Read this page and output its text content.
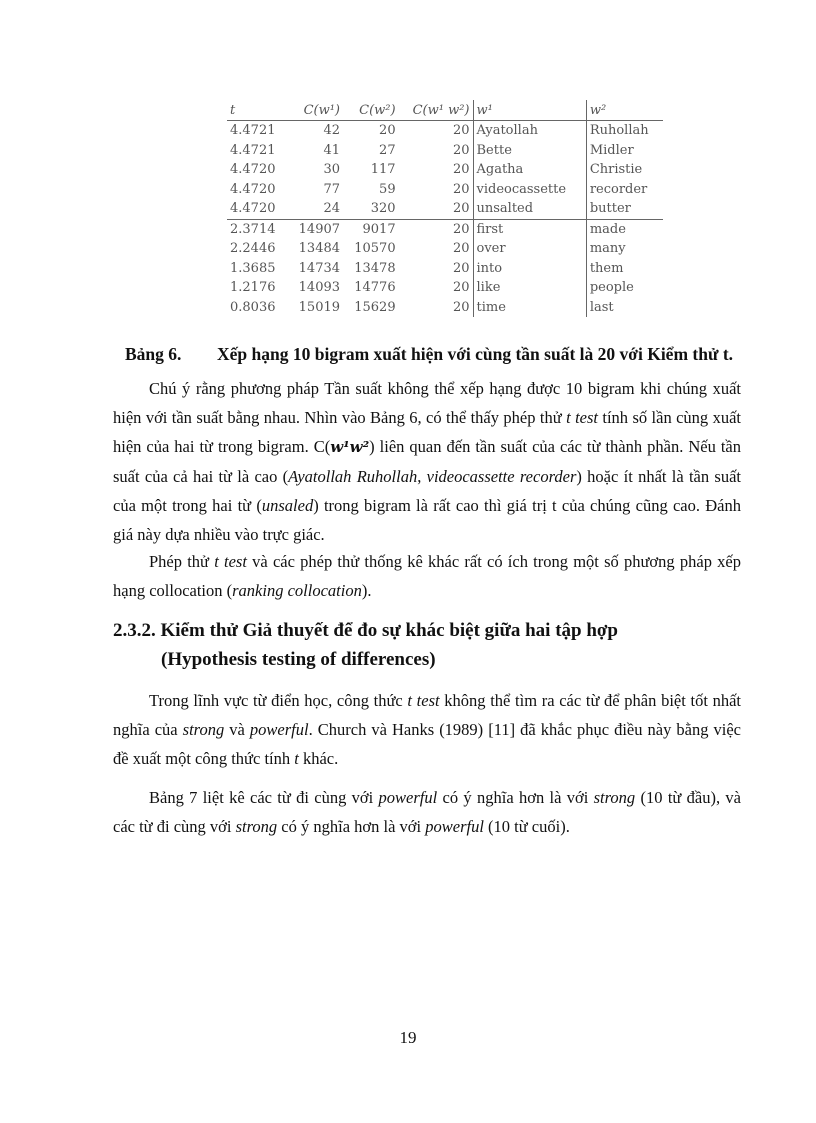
t	C(w¹)	C(w²)	C(w¹ w²)	w¹	w²
4.4721	42	20	20	Ayatollah	Ruhollah
4.4721	41	27	20	Bette	Midler
4.4720	30	117	20	Agatha	Christie
4.4720	77	59	20	videocassette	recorder
4.4720	24	320	20	unsalted	butter
2.3714	14907	9017	20	first	made
2.2446	13484	10570	20	over	many
1.3685	14734	13478	20	into	them
1.2176	14093	14776	20	like	people
0.8036	15019	15629	20	time	last
Bảng 6. Xếp hạng 10 bigram xuất hiện với cùng tần suất là 20 với Kiểm thử t.

Chú ý rằng phương pháp Tần suất không thể xếp hạng được 10 bigram khi chúng xuất hiện với tần suất bằng nhau. Nhìn vào Bảng 6, có thể thấy phép thử t test tính số lần cùng xuất hiện của hai từ trong bigram. C(w¹w²) liên quan đến tần suất của các từ thành phần. Nếu tần suất của cả hai từ là cao (Ayatollah Ruhollah, videocassette recorder) hoặc ít nhất là tần suất của một trong hai từ (unsaled) trong bigram là rất cao thì giá trị t của chúng cũng cao. Đánh giá này dựa nhiều vào trực giác.

Phép thử t test và các phép thử thống kê khác rất có ích trong một số phương pháp xếp hạng collocation (ranking collocation).

2.3.2. Kiểm thử Giả thuyết để đo sự khác biệt giữa hai tập hợp
(Hypothesis testing of differences)

Trong lĩnh vực từ điển học, công thức t test không thể tìm ra các từ để phân biệt tốt nhất nghĩa của strong và powerful. Church và Hanks (1989) [11] đã khắc phục điều này bằng việc đề xuất một công thức tính t khác.

Bảng 7 liệt kê các từ đi cùng với powerful có ý nghĩa hơn là với strong (10 từ đầu), và các từ đi cùng với strong có ý nghĩa hơn là với powerful (10 từ cuối).

19
